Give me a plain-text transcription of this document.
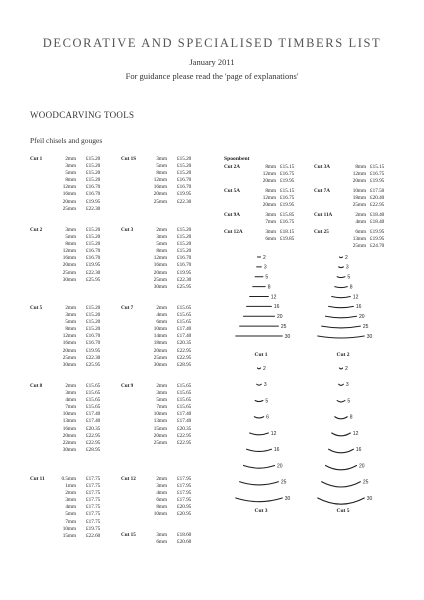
DECORATIVE AND SPECIALISED TIMBERS LIST
January 2011
For guidance please read the 'page of explanations'
WOODCARVING TOOLS
Pfeil chisels and gouges
Cut 1	2mm £15.20
3mm £15.20
5mm £15.20
8mm £15.20
12mm £16.70
16mm £16.70
20mm £19.95
25mm £22.30
Cut 1S	3mm £15.20
5mm £15.20
8mm £15.20
12mm £16.70
16mm £16.70
20mm £19.95
25mm £22.30
Cut 2	3mm £15.20
5mm £15.20
8mm £15.20
12mm £16.70
16mm £16.70
20mm £19.95
25mm £22.30
30mm £25.95
Cut 3	2mm £15.20
3mm £15.20
5mm £15.20
8mm £15.20
12mm £16.70
16mm £16.70
20mm £19.95
25mm £22.30
30mm £25.95
Cut 5	2mm £15.20
3mm £15.20
5mm £15.20
8mm £15.20
12mm £16.70
16mm £16.70
20mm £19.95
25mm £22.30
30mm £25.95
Cut 7	2mm £15.65
4mm £15.65
6mm £15.65
10mm £17.40
14mm £17.40
18mm £20.35
20mm £22.95
25mm £22.95
30mm £28.95
Cut 8	2mm £15.65
3mm £15.65
4mm £15.65
7mm £15.65
10mm £17.40
13mm £17.40
16mm £20.35
20mm £22.95
22mm £22.95
30mm £28.95
Cut 9	2mm £15.65
3mm £15.65
5mm £15.65
7mm £15.65
10mm £17.40
13mm £17.40
15mm £20.35
20mm £22.95
25mm £22.95
Cut 11	0.5mm £17.75
1mm £17.75
2mm £17.75
3mm £17.75
4mm £17.75
5mm £17.75
7mm £17.75
10mm £19.75
15mm £22.60
Cut 12	2mm £17.95
3mm £17.95
4mm £17.95
6mm £17.95
8mm £20.95
10mm £20.95
Cut 15	3mm £18.60
6mm £20.60
Spoonbent
Cut 2A	8mm £15.15
12mm £16.75
20mm £19.95
Cut 5A	8mm £15.15
12mm £16.75
20mm £19.95
Cut 9A	3mm £15.85
7mm £16.75
Cut 12A	3mm £18.15
6mm £19.85
Cut 3A	8mm £15.15
12mm £16.75
20mm £19.95
Cut 7A	10mm £17.50
18mm £20.40
25mm £22.95
Cut 11A	2mm £18.40
4mm £18.40
Cut 25	6mm £19.95
13mm £19.95
25mm £24.70
2
3
5
8
12
16
20
25
30
Cut 1
2
3
5
8
12
16
20
25
30
Cut 2
2
3
5
6
12
16
20
25
30
Cut 3
2
3
5
8
12
16
20
25
30
Cut 5
